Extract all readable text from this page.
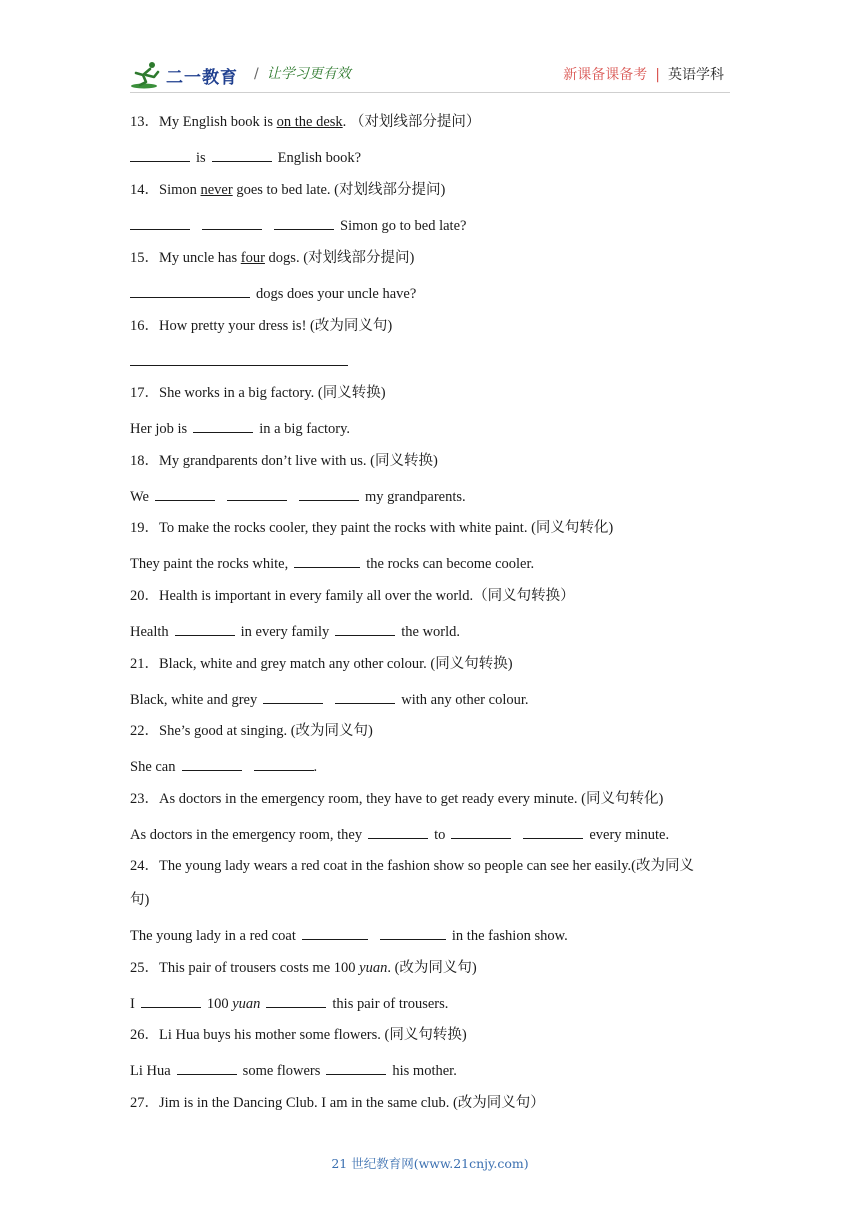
二一教育 / 让学习更有效	新课备课备考 | 英语学科
13．My English book is on the desk. （对划线部分提问）
is	English book?
14．Simon never goes to bed late. (对划线部分提问)
Simon go to bed late?
15．My uncle has four dogs. (对划线部分提问)
dogs does your uncle have?
16．How pretty your dress is! (改为同义句)
17．She works in a big factory. (同义转换)
Her job is	in a big factory.
18．My grandparents don’t live with us. (同义转换)
We	my grandparents.
19．To make the rocks cooler, they paint the rocks with white paint. (同义句转化)
They paint the rocks white,	the rocks can become cooler.
20．Health is important in every family all over the world.（同义句转换）
Health	in every family	the world.
21．Black, white and grey match any other colour. (同义句转换)
Black, white and grey	with any other colour.
22．She’s good at singing. (改为同义句)
She can	.
23．As doctors in the emergency room, they have to get ready every minute. (同义句转化)
As doctors in the emergency room, they	to	every minute.
24．The young lady wears a red coat in the fashion show so people can see her easily.(改为同义
句)
The young lady in a red coat	in the fashion show.
25．This pair of trousers costs me 100 yuan. (改为同义句)
I	100 yuan	this pair of trousers.
26．Li Hua buys his mother some flowers. (同义句转换)
Li Hua	some flowers	his mother.
27．Jim is in the Dancing Club. I am in the same club. (改为同义句）
21 世纪教育网(www.21cnjy.com)
